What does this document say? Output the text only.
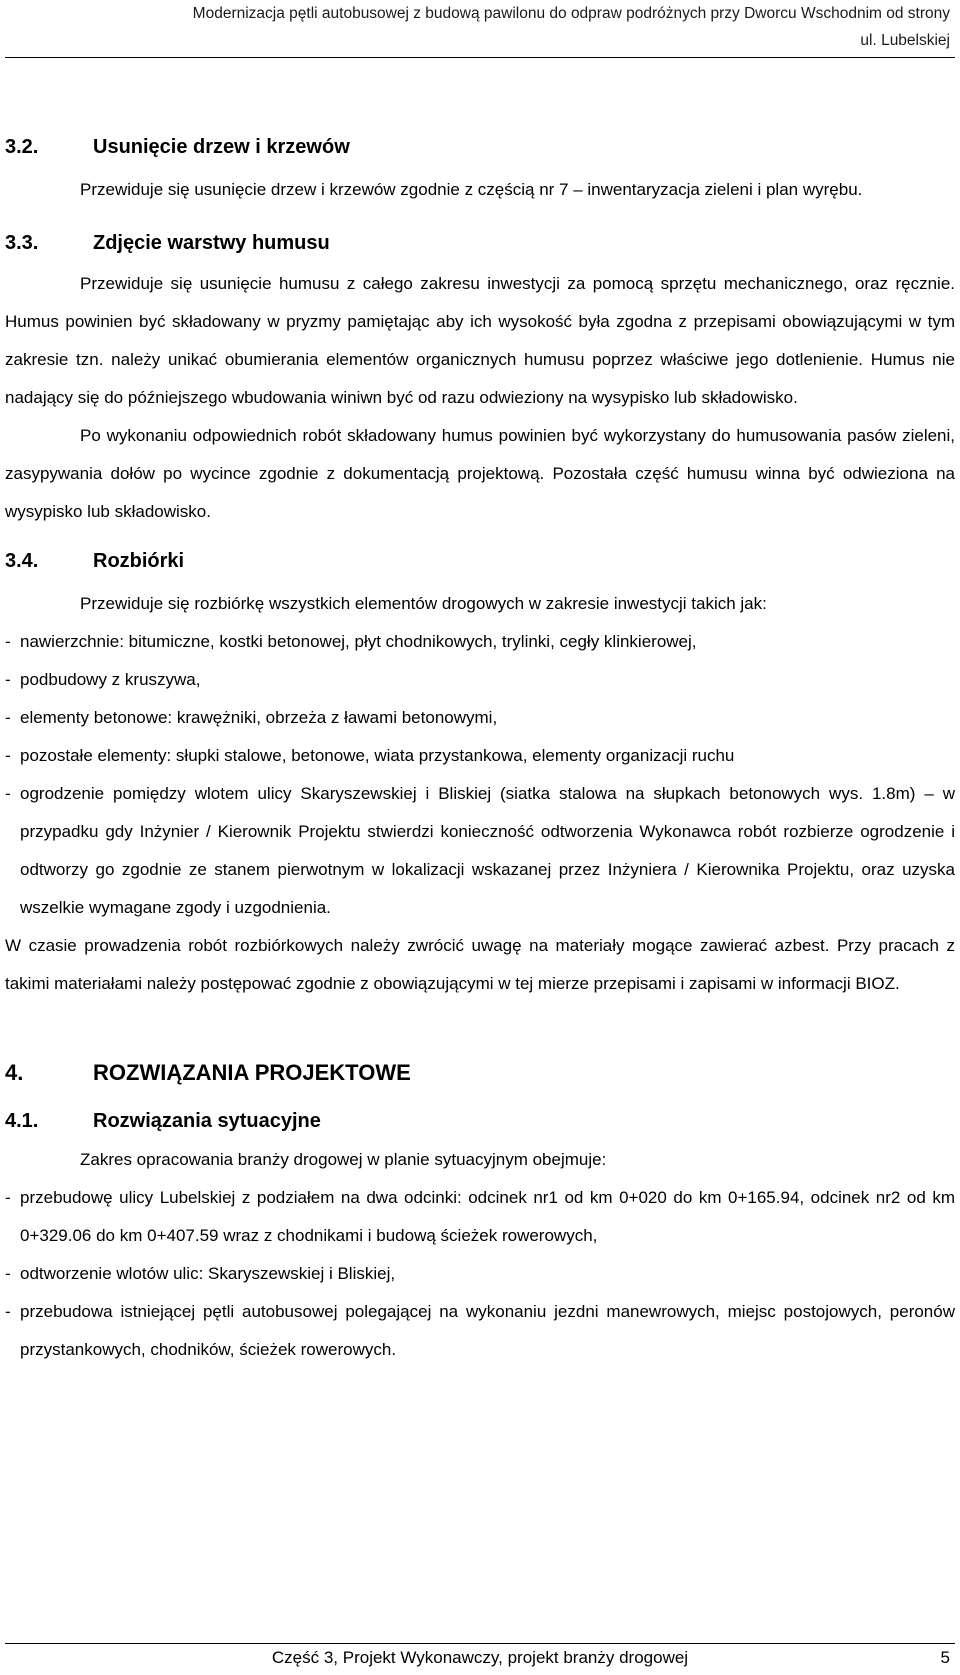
Modernizacja pętli autobusowej z budową pawilonu do odpraw podróżnych przy Dworcu Wschodnim od strony
ul. Lubelskiej
3.2.	Usunięcie drzew i krzewów

Przewiduje się usunięcie drzew i krzewów zgodnie z częścią nr 7 – inwentaryzacja zieleni i plan wyrębu.

3.3.	Zdjęcie warstwy humusu

Przewiduje się usunięcie humusu z całego zakresu inwestycji za pomocą sprzętu mechanicznego, oraz ręcznie. Humus powinien być składowany w pryzmy pamiętając aby ich wysokość była zgodna z przepisami obowiązującymi w tym zakresie tzn. należy unikać obumierania elementów organicznych humusu poprzez właściwe jego dotlenienie. Humus nie nadający się do późniejszego wbudowania winiwn być od razu odwieziony na wysypisko lub składowisko.

Po wykonaniu odpowiednich robót składowany humus powinien być wykorzystany do humusowania pasów zieleni, zasypywania dołów po wycince zgodnie z dokumentacją projektową. Pozostała część humusu winna być odwieziona na wysypisko lub składowisko.

3.4.	Rozbiórki

Przewiduje się rozbiórkę wszystkich elementów drogowych w zakresie inwestycji takich jak:

- nawierzchnie: bitumiczne, kostki betonowej, płyt chodnikowych, trylinki, cegły klinkierowej,
- podbudowy z kruszywa,
- elementy betonowe: krawężniki, obrzeża z ławami betonowymi,
- pozostałe elementy: słupki stalowe, betonowe, wiata przystankowa, elementy organizacji ruchu
- ogrodzenie pomiędzy wlotem ulicy Skaryszewskiej i Bliskiej (siatka stalowa na słupkach betonowych wys. 1.8m) – w przypadku gdy Inżynier / Kierownik Projektu stwierdzi konieczność odtworzenia Wykonawca robót rozbierze ogrodzenie i odtworzy go zgodnie ze stanem pierwotnym w lokalizacji wskazanej przez Inżyniera / Kierownika Projektu, oraz uzyska wszelkie wymagane zgody i uzgodnienia.

W czasie prowadzenia robót rozbiórkowych należy zwrócić uwagę na materiały mogące zawierać azbest. Przy pracach z takimi materiałami należy postępować zgodnie z obowiązującymi w tej mierze przepisami i zapisami w informacji BIOZ.

4.	ROZWIĄZANIA PROJEKTOWE
4.1.	Rozwiązania sytuacyjne

Zakres opracowania branży drogowej w planie sytuacyjnym obejmuje:

- przebudowę ulicy Lubelskiej z podziałem na dwa odcinki: odcinek nr1 od km 0+020 do km 0+165.94, odcinek nr2 od km 0+329.06 do km 0+407.59 wraz z chodnikami i budową ścieżek rowerowych,
- odtworzenie wlotów ulic: Skaryszewskiej i Bliskiej,
- przebudowa istniejącej pętli autobusowej polegającej na wykonaniu jezdni manewrowych, miejsc postojowych, peronów przystankowych, chodników, ścieżek rowerowych.
Część 3, Projekt Wykonawczy, projekt branży drogowej	5
